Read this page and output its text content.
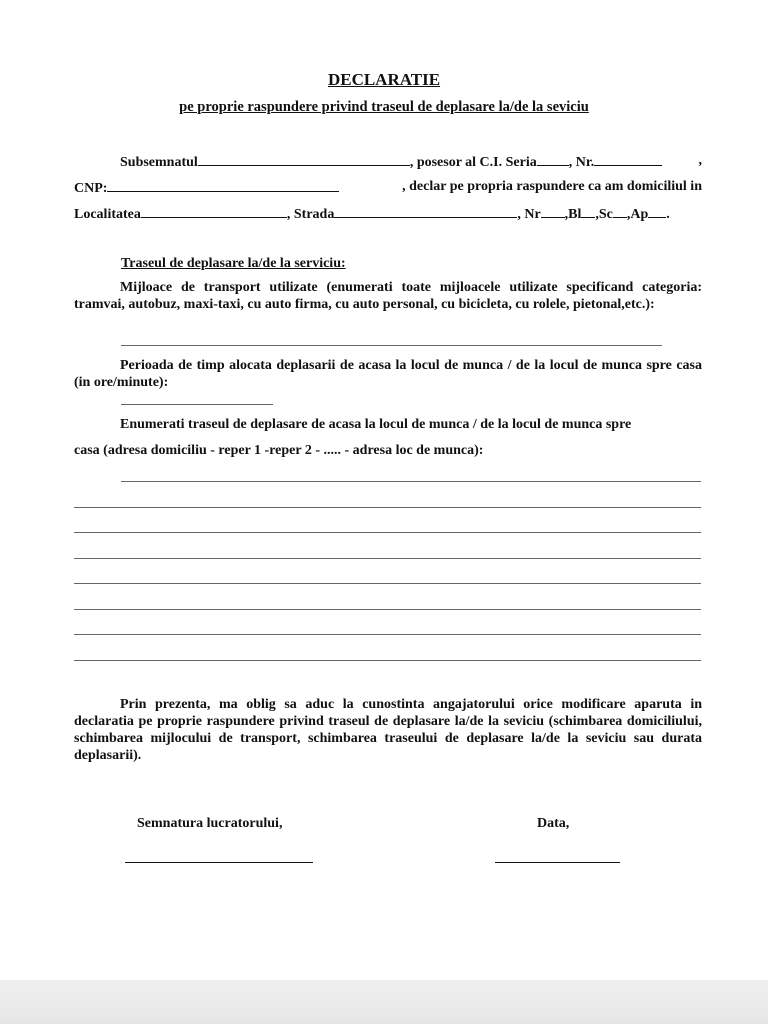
DECLARATIE
pe proprie raspundere privind traseul de deplasare la/de la seviciu
Subsemnatul	, posesor al C.I. Seria , Nr.	,
CNP:	, declar pe propria raspundere ca am domiciliul in
Localitatea	, Strada	, Nr ,Bl ,Sc ,Ap .
Traseul de deplasare la/de la serviciu:
Mijloace de transport utilizate (enumerati toate mijloacele utilizate specificand categoria: tramvai, autobuz, maxi-taxi, cu auto firma, cu auto personal, cu bicicleta, cu rolele, pietonal,etc.):
Perioada de timp alocata deplasarii de acasa la locul de munca / de la locul de munca spre casa (in ore/minute):
Enumerati traseul de deplasare de acasa la locul de munca / de la locul de munca spre
casa (adresa domiciliu - reper 1 -reper 2 - ..... - adresa loc de munca):
Prin prezenta, ma oblig sa aduc la cunostinta angajatorului orice modificare aparuta in declaratia pe proprie raspundere privind traseul de deplasare la/de la seviciu (schimbarea domiciliului, schimbarea mijlocului de transport, schimbarea traseului de deplasare la/de la seviciu sau durata deplasarii).
Semnatura lucratorului,	Data,
